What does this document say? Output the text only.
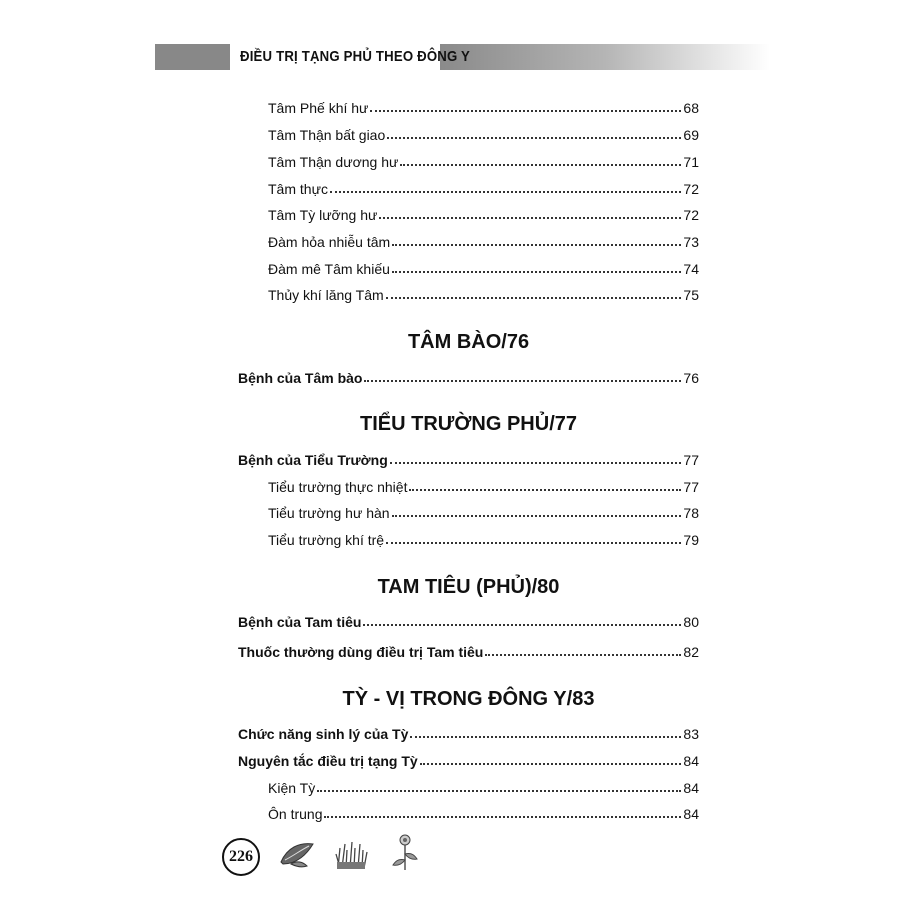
ĐIỀU TRỊ TẠNG PHỦ THEO ĐÔNG Y
Tâm Phế khí hư	68
Tâm Thận bất giao	69
Tâm Thận dương hư	71
Tâm thực	72
Tâm Tỳ lưỡng hư	72
Đàm hỏa nhiễu tâm	73
Đàm mê Tâm khiếu	74
Thủy khí lăng Tâm	75
TÂM BÀO/76
Bệnh của Tâm bào	76
TIỂU TRƯỜNG PHỦ/77
Bệnh của Tiểu Trường	77
Tiểu trường thực nhiệt	77
Tiểu trường hư hàn	78
Tiểu trường khí trệ	79
TAM TIÊU (PHỦ)/80
Bệnh của Tam tiêu	80
Thuốc thường dùng điều trị Tam tiêu	82
TỲ - VỊ TRONG ĐÔNG Y/83
Chức năng sinh lý của Tỳ	83
Nguyên tắc điều trị tạng Tỳ	84
Kiện Tỳ	84
Ôn trung	84
226
